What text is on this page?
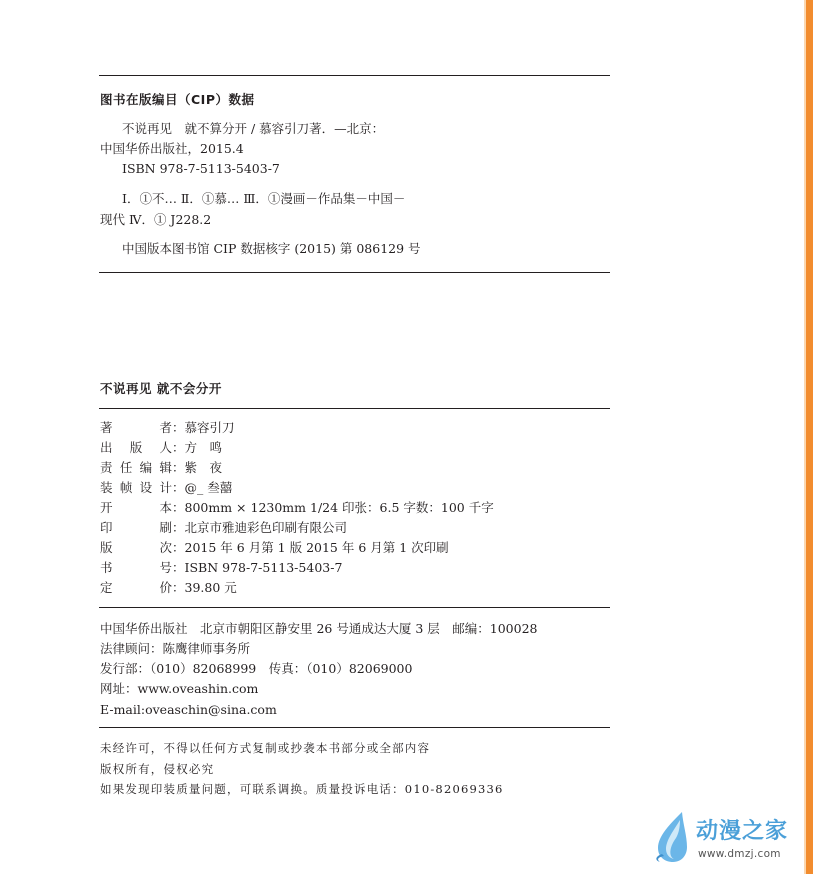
图书在版编目（CIP）数据
不说再见　就不算分开 / 慕容引刀著．—北京：
中国华侨出版社，2015.4
ISBN 978-7-5113-5403-7
Ⅰ．①不… Ⅱ．①慕… Ⅲ．①漫画－作品集－中国－
现代 Ⅳ．① J228.2
中国版本图书馆 CIP 数据核字 (2015) 第 086129 号
不说再见 就不会分开
著　　者：慕容引刀
出 版 人：方　鸣
责任编辑：紫　夜
装帧设计：@_ 叁囍
开　　本：800mm × 1230mm 1/24 印张：6.5 字数：100 千字
印　　刷：北京市雅迪彩色印刷有限公司
版　　次：2015 年 6 月第 1 版 2015 年 6 月第 1 次印刷
书　　号：ISBN 978-7-5113-5403-7
定　　价：39.80 元
中国华侨出版社　北京市朝阳区静安里 26 号通成达大厦 3 层　邮编：100028
法律顾问：陈鹰律师事务所
发行部：（010）82068999　传真：（010）82069000
网址：www.oveashin.com
E-mail:oveaschin@sina.com
未经许可，不得以任何方式复制或抄袭本书部分或全部内容
版权所有，侵权必究
如果发现印装质量问题，可联系调换。质量投诉电话：010-82069336
动漫之家
www.dmzj.com
